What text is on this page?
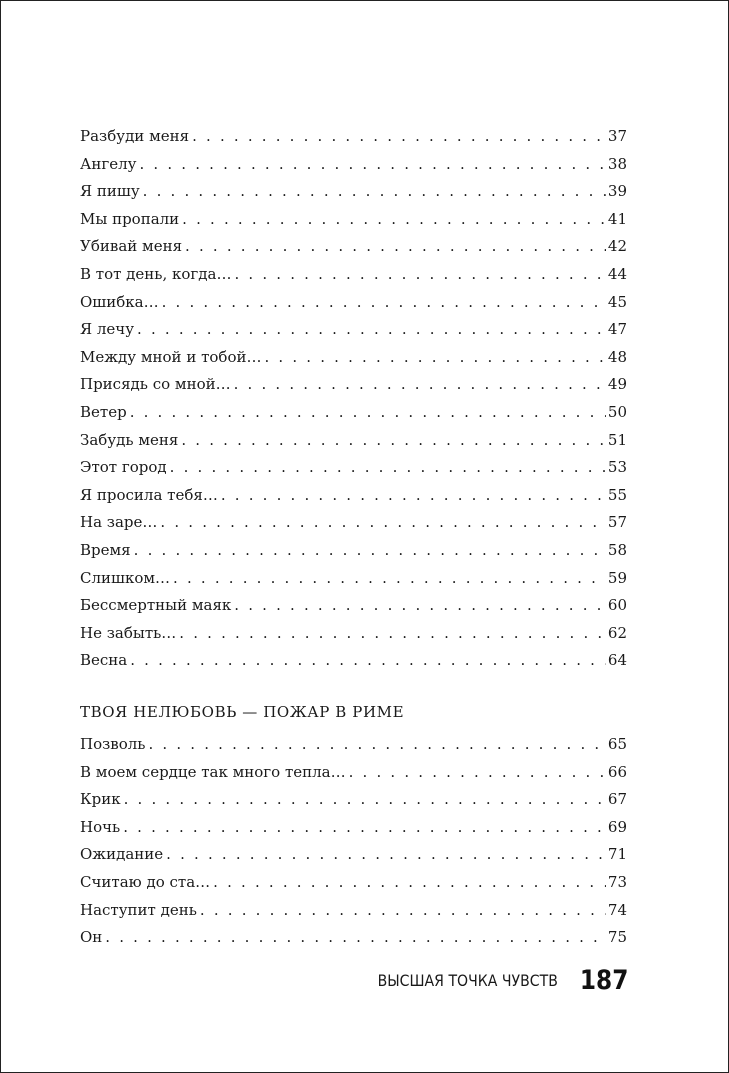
Разбуди меня . . .	37
Ангелу . . .	38
Я пишу . . .	39
Мы пропали . . .	41
Убивай меня . . .	42
В тот день, когда… . . .	44
Ошибка… . . .	45
Я лечу . . .	47
Между мной и тобой… . . .	48
Присядь со мной… . . .	49
Ветер . . .	50
Забудь меня . . .	51
Этот город . . .	53
Я просила тебя… . . .	55
На заре… . . .	57
Время . . .	58
Слишком… . . .	59
Бессмертный маяк . . .	60
Не забыть… . . .	62
Весна . . .	64
ТВОЯ НЕЛЮБОВЬ — ПОЖАР В РИМЕ
Позволь . . .	65
В моем сердце так много тепла… . . .	66
Крик . . .	67
Ночь . . .	69
Ожидание . . .	71
Считаю до ста… . . .	73
Наступит день . . .	74
Он . . .	75
ВЫСШАЯ ТОЧКА ЧУВСТВ 187
